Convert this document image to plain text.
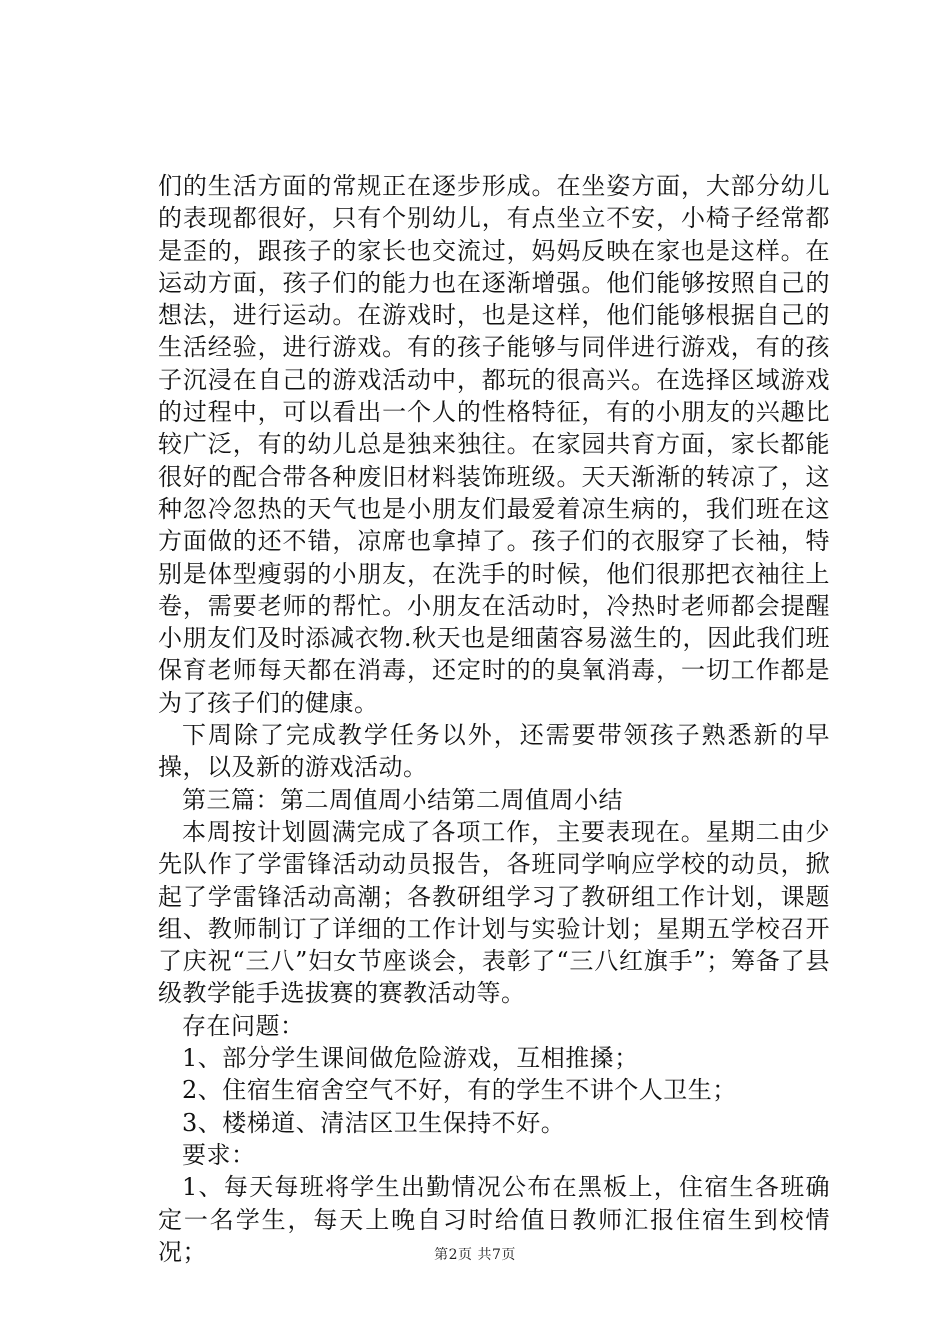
们的生活方面的常规正在逐步形成。在坐姿方面，大部分幼儿的表现都很好，只有个别幼儿，有点坐立不安，小椅子经常都是歪的，跟孩子的家长也交流过，妈妈反映在家也是这样。在运动方面，孩子们的能力也在逐渐增强。他们能够按照自己的想法，进行运动。在游戏时，也是这样，他们能够根据自己的生活经验，进行游戏。有的孩子能够与同伴进行游戏，有的孩子沉浸在自己的游戏活动中，都玩的很高兴。在选择区域游戏的过程中，可以看出一个人的性格特征，有的小朋友的兴趣比较广泛，有的幼儿总是独来独往。在家园共育方面，家长都能很好的配合带各种废旧材料装饰班级。天天渐渐的转凉了，这种忽冷忽热的天气也是小朋友们最爱着凉生病的，我们班在这方面做的还不错，凉席也拿掉了。孩子们的衣服穿了长袖，特别是体型瘦弱的小朋友，在洗手的时候，他们很那把衣袖往上卷，需要老师的帮忙。小朋友在活动时，冷热时老师都会提醒小朋友们及时添减衣物.秋天也是细菌容易滋生的，因此我们班保育老师每天都在消毒，还定时的的臭氧消毒，一切工作都是为了孩子们的健康。

下周除了完成教学任务以外，还需要带领孩子熟悉新的早操，以及新的游戏活动。

第三篇：第二周值周小结第二周值周小结

本周按计划圆满完成了各项工作，主要表现在。星期二由少先队作了学雷锋活动动员报告，各班同学响应学校的动员，掀起了学雷锋活动高潮；各教研组学习了教研组工作计划，课题组、教师制订了详细的工作计划与实验计划；星期五学校召开了庆祝“三八”妇女节座谈会，表彰了“三八红旗手”；筹备了县级教学能手选拔赛的赛教活动等。

存在问题：

1、部分学生课间做危险游戏，互相推搡；

2、住宿生宿舍空气不好，有的学生不讲个人卫生；

3、楼梯道、清洁区卫生保持不好。

要求：

1、每天每班将学生出勤情况公布在黑板上，住宿生各班确定一名学生，每天上晚自习时给值日教师汇报住宿生到校情况；	第2页 共7页
